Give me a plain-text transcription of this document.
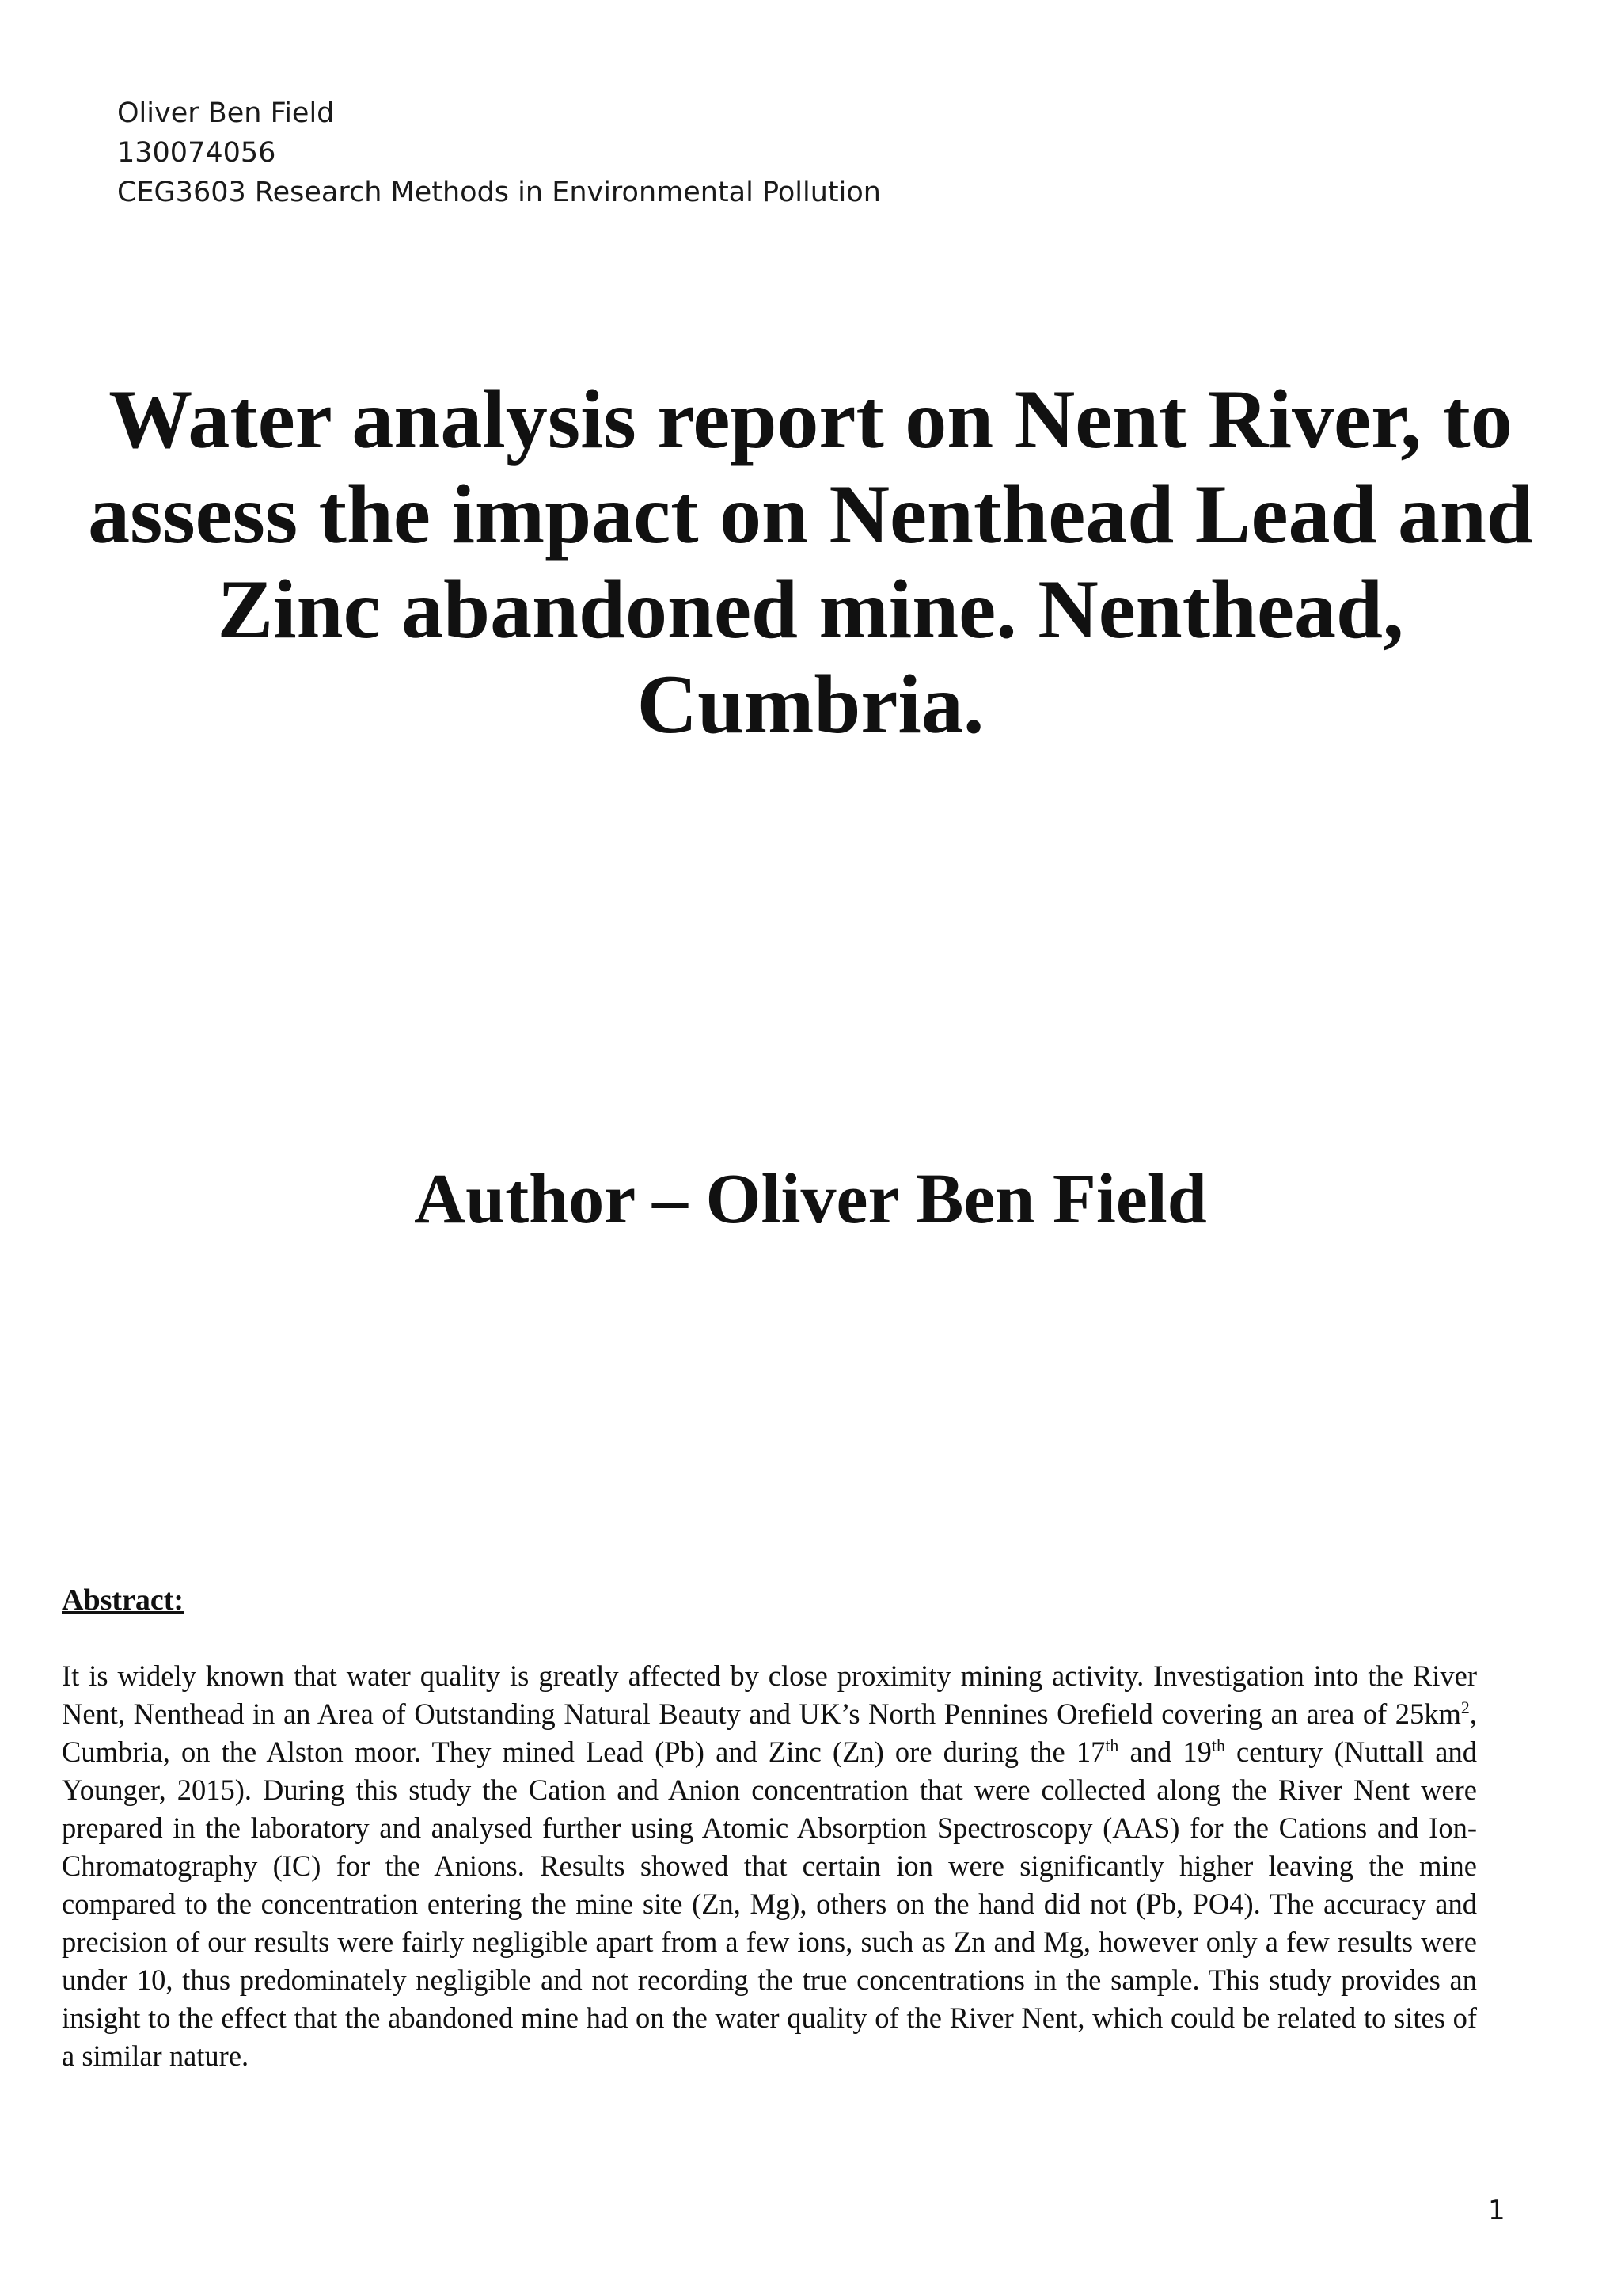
Oliver Ben Field
130074056
CEG3603 Research Methods in Environmental Pollution
Water analysis report on Nent River, to assess the impact on Nenthead Lead and Zinc abandoned mine. Nenthead, Cumbria.
Author – Oliver Ben Field
Abstract:

It is widely known that water quality is greatly affected by close proximity mining activity. Investigation into the River Nent, Nenthead in an Area of Outstanding Natural Beauty and UK’s North Pennines Orefield covering an area of $25km^2$, Cumbria, on the Alston moor. They mined Lead (Pb) and Zinc (Zn) ore during the 17th and 19th century (Nuttall and Younger, 2015). During this study the Cation and Anion concentration that were collected along the River Nent were prepared in the laboratory and analysed further using Atomic Absorption Spectroscopy (AAS) for the Cations and Ion-Chromatography (IC) for the Anions. Results showed that certain ion were significantly higher leaving the mine compared to the concentration entering the mine site (Zn, Mg), others on the hand did not (Pb, PO4). The accuracy and precision of our results were fairly negligible apart from a few ions, such as Zn and Mg, however only a few results were under 10, thus predominately negligible and not recording the true concentrations in the sample. This study provides an insight to the effect that the abandoned mine had on the water quality of the River Nent, which could be related to sites of a similar nature.

1
